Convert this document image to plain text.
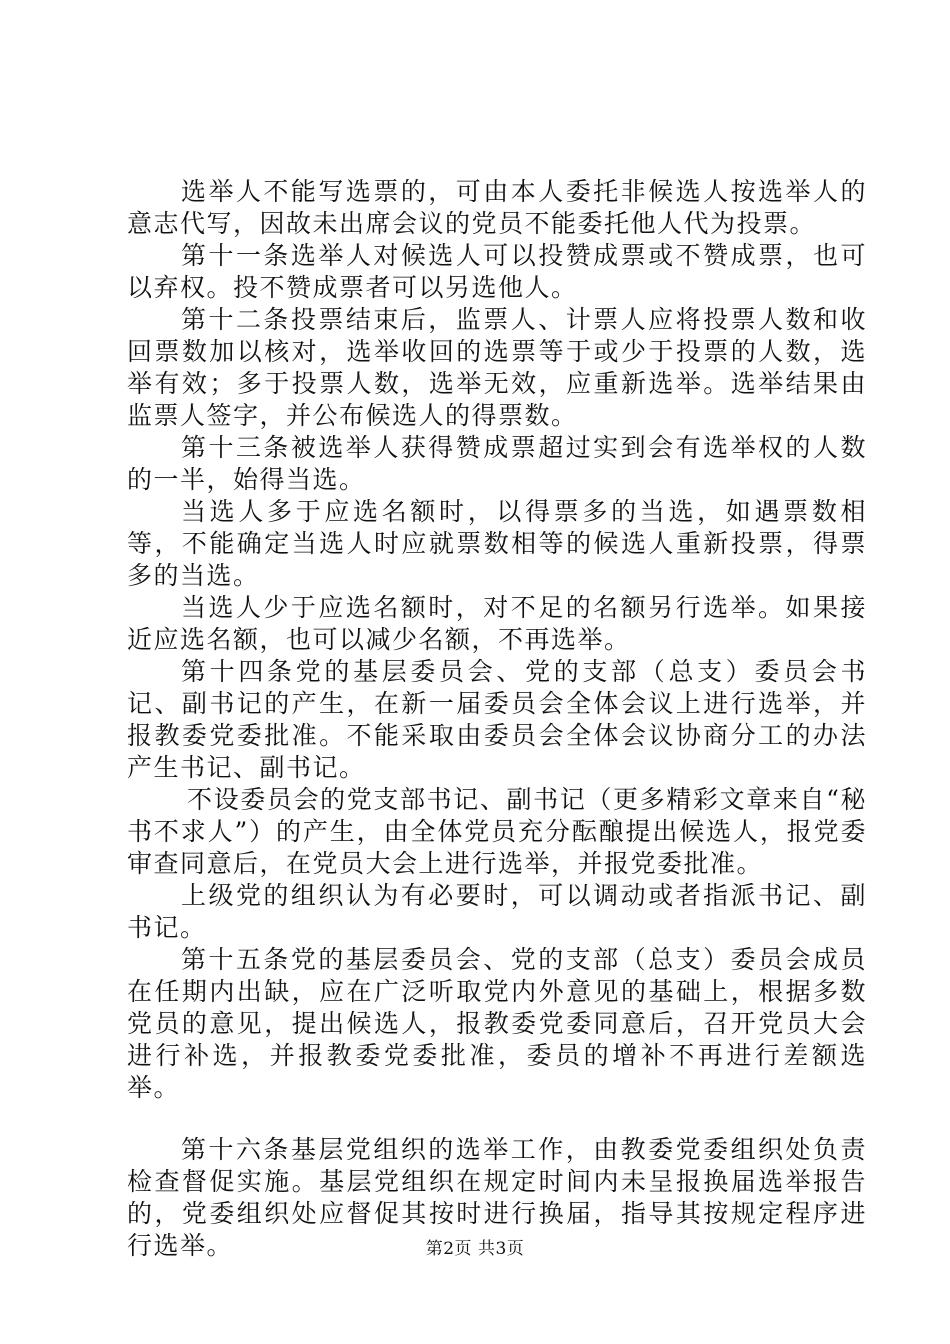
选举人不能写选票的，可由本人委托非候选人按选举人的意志代写，因故未出席会议的党员不能委托他人代为投票。

第十一条选举人对候选人可以投赞成票或不赞成票，也可以弃权。投不赞成票者可以另选他人。

第十二条投票结束后，监票人、计票人应将投票人数和收回票数加以核对，选举收回的选票等于或少于投票的人数，选举有效；多于投票人数，选举无效，应重新选举。选举结果由监票人签字，并公布候选人的得票数。

第十三条被选举人获得赞成票超过实到会有选举权的人数的一半，始得当选。

当选人多于应选名额时，以得票多的当选，如遇票数相等，不能确定当选人时应就票数相等的候选人重新投票，得票多的当选。

当选人少于应选名额时，对不足的名额另行选举。如果接近应选名额，也可以减少名额，不再选举。

第十四条党的基层委员会、党的支部（总支）委员会书记、副书记的产生，在新一届委员会全体会议上进行选举，并报教委党委批准。不能采取由委员会全体会议协商分工的办法产生书记、副书记。

不设委员会的党支部书记、副书记（更多精彩文章来自“秘书不求人”）的产生，由全体党员充分酝酿提出候选人，报党委审查同意后，在党员大会上进行选举，并报党委批准。

上级党的组织认为有必要时，可以调动或者指派书记、副书记。

第十五条党的基层委员会、党的支部（总支）委员会成员在任期内出缺，应在广泛听取党内外意见的基础上，根据多数党员的意见，提出候选人，报教委党委同意后，召开党员大会进行补选，并报教委党委批准，委员的增补不再进行差额选举。

第十六条基层党组织的选举工作，由教委党委组织处负责检查督促实施。基层党组织在规定时间内未呈报换届选举报告的，党委组织处应督促其按时进行换届，指导其按规定程序进行选举。	第2页 共3页
